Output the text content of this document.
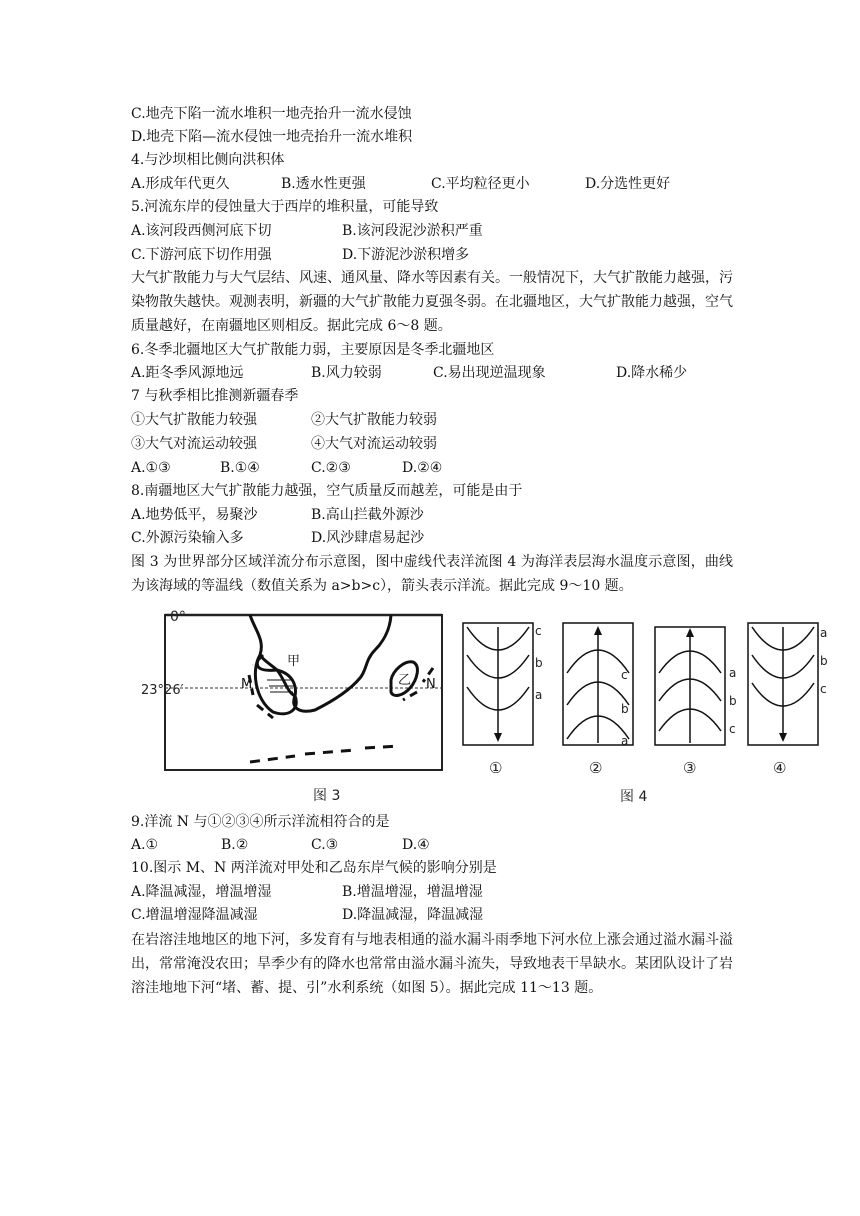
C.地壳下陷一流水堆积一地壳抬升一流水侵蚀
D.地壳下陷—流水侵蚀一地壳抬升一流水堆积
4.与沙坝相比侧向洪积体
A.形成年代更久	B.透水性更强	C.平均粒径更小	D.分选性更好
5.河流东岸的侵蚀量大于西岸的堆积量，可能导致
A.该河段西侧河底下切	B.该河段泥沙淤积严重
C.下游河底下切作用强	D.下游泥沙淤积增多
大气扩散能力与大气层结、风速、通风量、降水等因素有关。一般情况下，大气扩散能力越强，污染物散失越快。观测表明，新疆的大气扩散能力夏强冬弱。在北疆地区，大气扩散能力越强，空气质量越好，在南疆地区则相反。据此完成 6～8 题。
6.冬季北疆地区大气扩散能力弱，主要原因是冬季北疆地区
A.距冬季风源地远	B.风力较弱	C.易出现逆温现象	D.降水稀少
7 与秋季相比推测新疆春季
①大气扩散能力较强	②大气扩散能力较弱
③大气对流运动较强	④大气对流运动较弱
A.①③	B.①④	C.②③	D.②④
8.南疆地区大气扩散能力越强，空气质量反而越差，可能是由于
A.地势低平，易聚沙	B.高山拦截外源沙
C.外源污染输入多	D.风沙肆虐易起沙
图 3 为世界部分区域洋流分布示意图，图中虚线代表洋流图 4 为海洋表层海水温度示意图，曲线为该海域的等温线（数值关系为 a>b>c），箭头表示洋流。据此完成 9～10 题。
0°
23°26′
甲
乙
M	N
图 3
c
b
a
①
c
b
a
②
a
b
c
③
a
b
c
④
图 4
9.洋流 N 与①②③④所示洋流相符合的是
A.①	B.②	C.③	D.④
10.图示 M、N 两洋流对甲处和乙岛东岸气候的影响分别是
A.降温减湿，增温增湿	B.增温增湿，增温增湿
C.增温增湿降温减湿	D.降温减湿，降温减湿
在岩溶洼地地区的地下河，多发育有与地表相通的溢水漏斗雨季地下河水位上涨会通过溢水漏斗溢出，常常淹没农田；旱季少有的降水也常常由溢水漏斗流失，导致地表干旱缺水。某团队设计了岩溶洼地地下河“堵、蓄、提、引”水利系统（如图 5）。据此完成 11～13 题。
